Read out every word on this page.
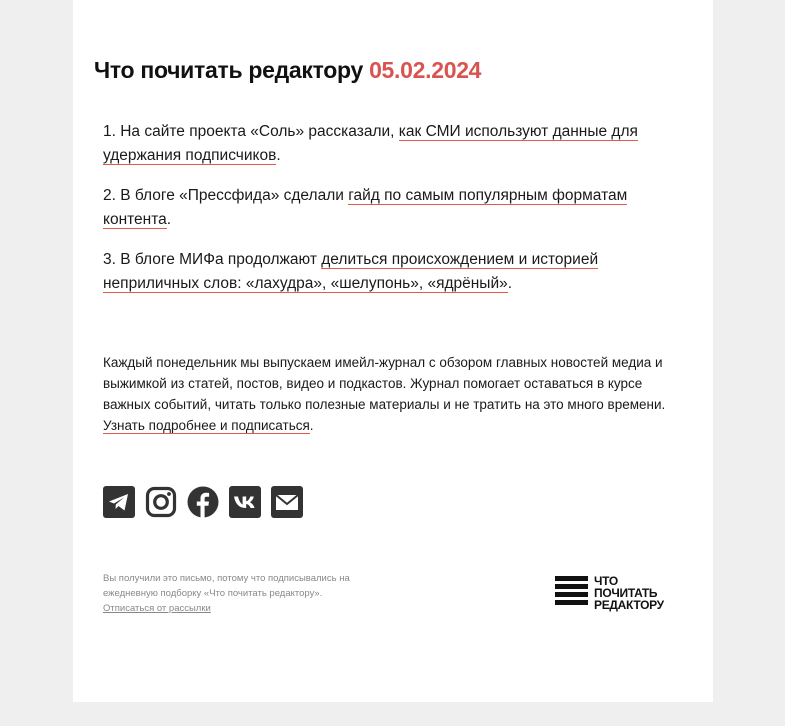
Что почитать редактору 05.02.2024
1. На сайте проекта «Соль» рассказали, как СМИ используют данные для удержания подписчиков.
2. В блоге «Прессфида» сделали гайд по самым популярным форматам контента.
3. В блоге МИФа продолжают делиться происхождением и историей неприличных слов: «лахудра», «шелупонь», «ядрёный».
Каждый понедельник мы выпускаем имейл-журнал с обзором главных новостей медиа и выжимкой из статей, постов, видео и подкастов. Журнал помогает оставаться в курсе важных событий, читать только полезные материалы и не тратить на это много времени. Узнать подробнее и подписаться.
Вы получили это письмо, потому что подписывались на ежедневную подборку «Что почитать редактору».
Отписаться от рассылки
ЧТО
ПОЧИТАТЬ
РЕДАКТОРУ
